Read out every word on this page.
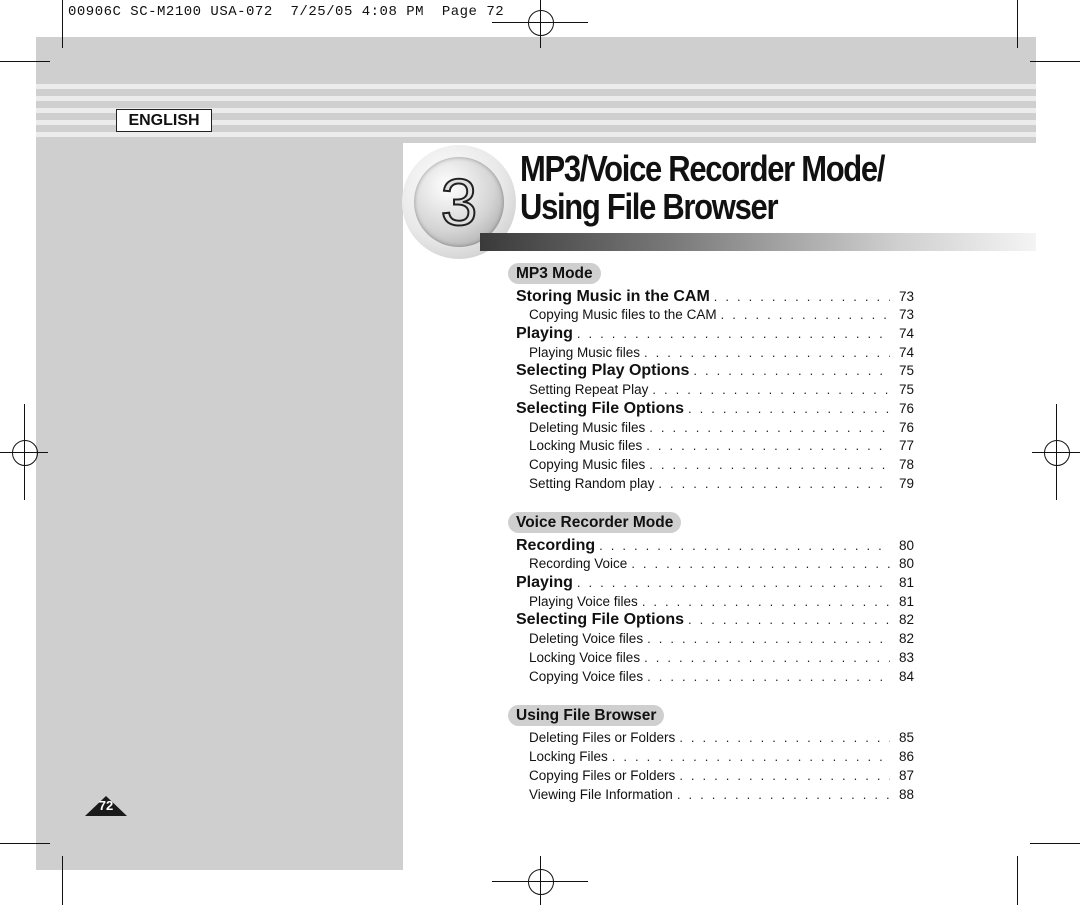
00906C SC-M2100 USA-072  7/25/05 4:08 PM  Page 72
ENGLISH
3	MP3/Voice Recorder Mode/
Using File Browser
MP3 Mode
Storing Music in the CAM . . .	73
Copying Music files to the CAM . . .	73
Playing . . .	74
Playing Music files . . .	74
Selecting Play Options . . .	75
Setting Repeat Play . . .	75
Selecting File Options . . .	76
Deleting Music files . . .	76
Locking Music files . . .	77
Copying Music files . . .	78
Setting Random play . . .	79
Voice Recorder Mode
Recording . . .	80
Recording Voice . . .	80
Playing . . .	81
Playing Voice files . . .	81
Selecting File Options . . .	82
Deleting Voice files . . .	82
Locking Voice files . . .	83
Copying Voice files . . .	84
Using File Browser
Deleting Files or Folders . . .	85
Locking Files . . .	86
Copying Files or Folders . . .	87
Viewing File Information . . .	88
72
